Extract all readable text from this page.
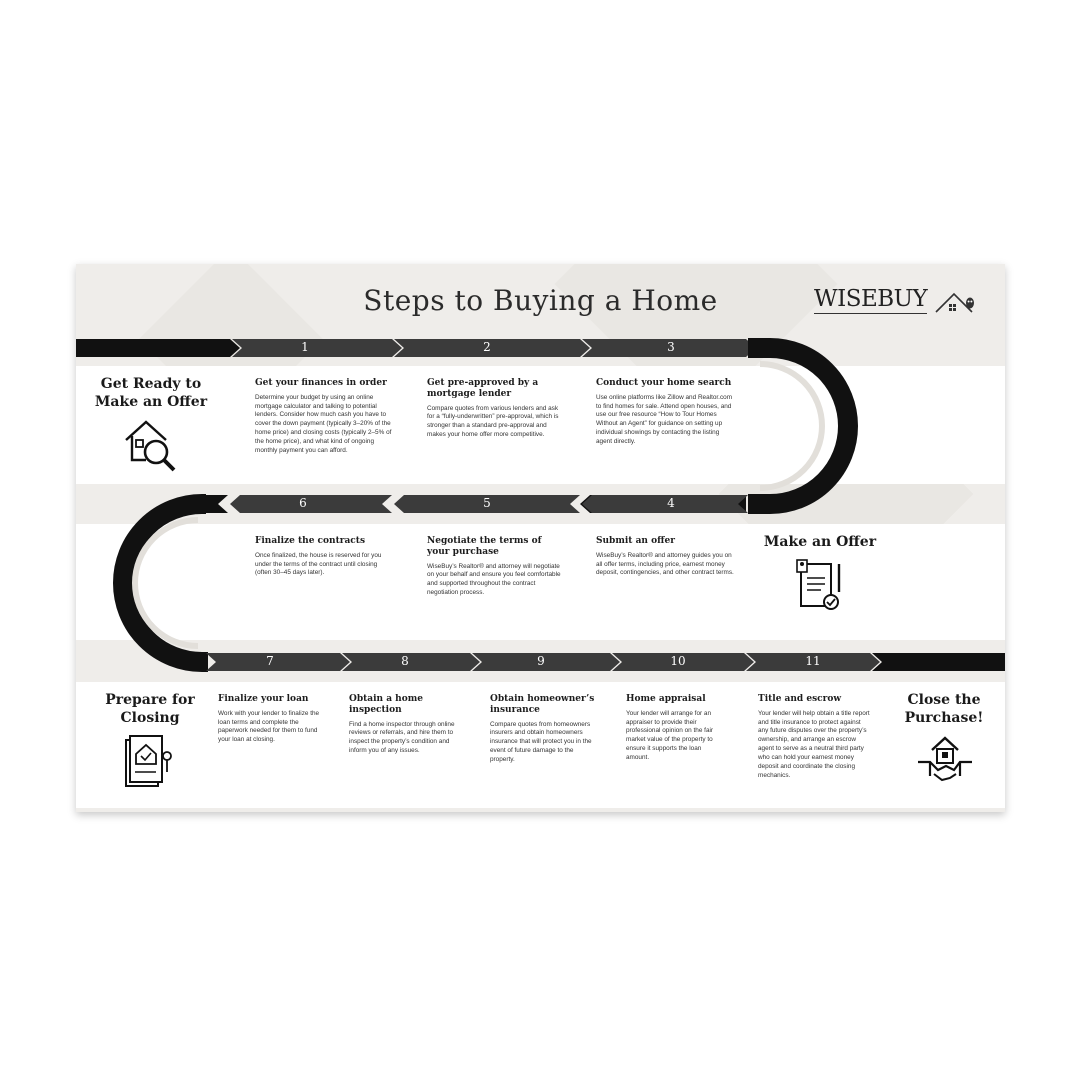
Steps to Buying a Home	WISEBUY
1	2	3
4
5
6
7	8	9	10	11
Get Ready to Make an Offer
Make an Offer
Prepare for Closing
Close the Purchase!
Get your finances in order

Determine your budget by using an online mortgage calculator and talking to potential lenders. Consider how much cash you have to cover the down payment (typically 3–20% of the home price) and closing costs (typically 2–5% of the home price), and what kind of ongoing monthly payment you can afford.

Get pre-approved by a mortgage lender

Compare quotes from various lenders and ask for a “fully-underwritten” pre-approval, which is stronger than a standard pre-approval and makes your home offer more competitive.

Conduct your home search

Use online platforms like Zillow and Realtor.com to find homes for sale. Attend open houses, and use our free resource “How to Tour Homes Without an Agent” for guidance on setting up individual showings by contacting the listing agent directly.

Submit an offer

WiseBuy’s Realtor® and attorney guides you on all offer terms, including price, earnest money deposit, contingencies, and other contract terms.

Negotiate the terms of your purchase

WiseBuy’s Realtor® and attorney will negotiate on your behalf and ensure you feel comfortable and supported throughout the contract negotiation process.

Finalize the contracts

Once finalized, the house is reserved for you under the terms of the contract until closing (often 30–45 days later).

Finalize your loan

Work with your lender to finalize the loan terms and complete the paperwork needed for them to fund your loan at closing.

Obtain a home inspection

Find a home inspector through online reviews or referrals, and hire them to inspect the property’s condition and inform you of any issues.

Obtain homeowner’s insurance

Compare quotes from homeowners insurers and obtain homeowners insurance that will protect you in the event of future damage to the property.

Home appraisal

Your lender will arrange for an appraiser to provide their professional opinion on the fair market value of the property to ensure it supports the loan amount.

Title and escrow

Your lender will help obtain a title report and title insurance to protect against any future disputes over the property’s ownership, and arrange an escrow agent to serve as a neutral third party who can hold your earnest money deposit and coordinate the closing mechanics.
